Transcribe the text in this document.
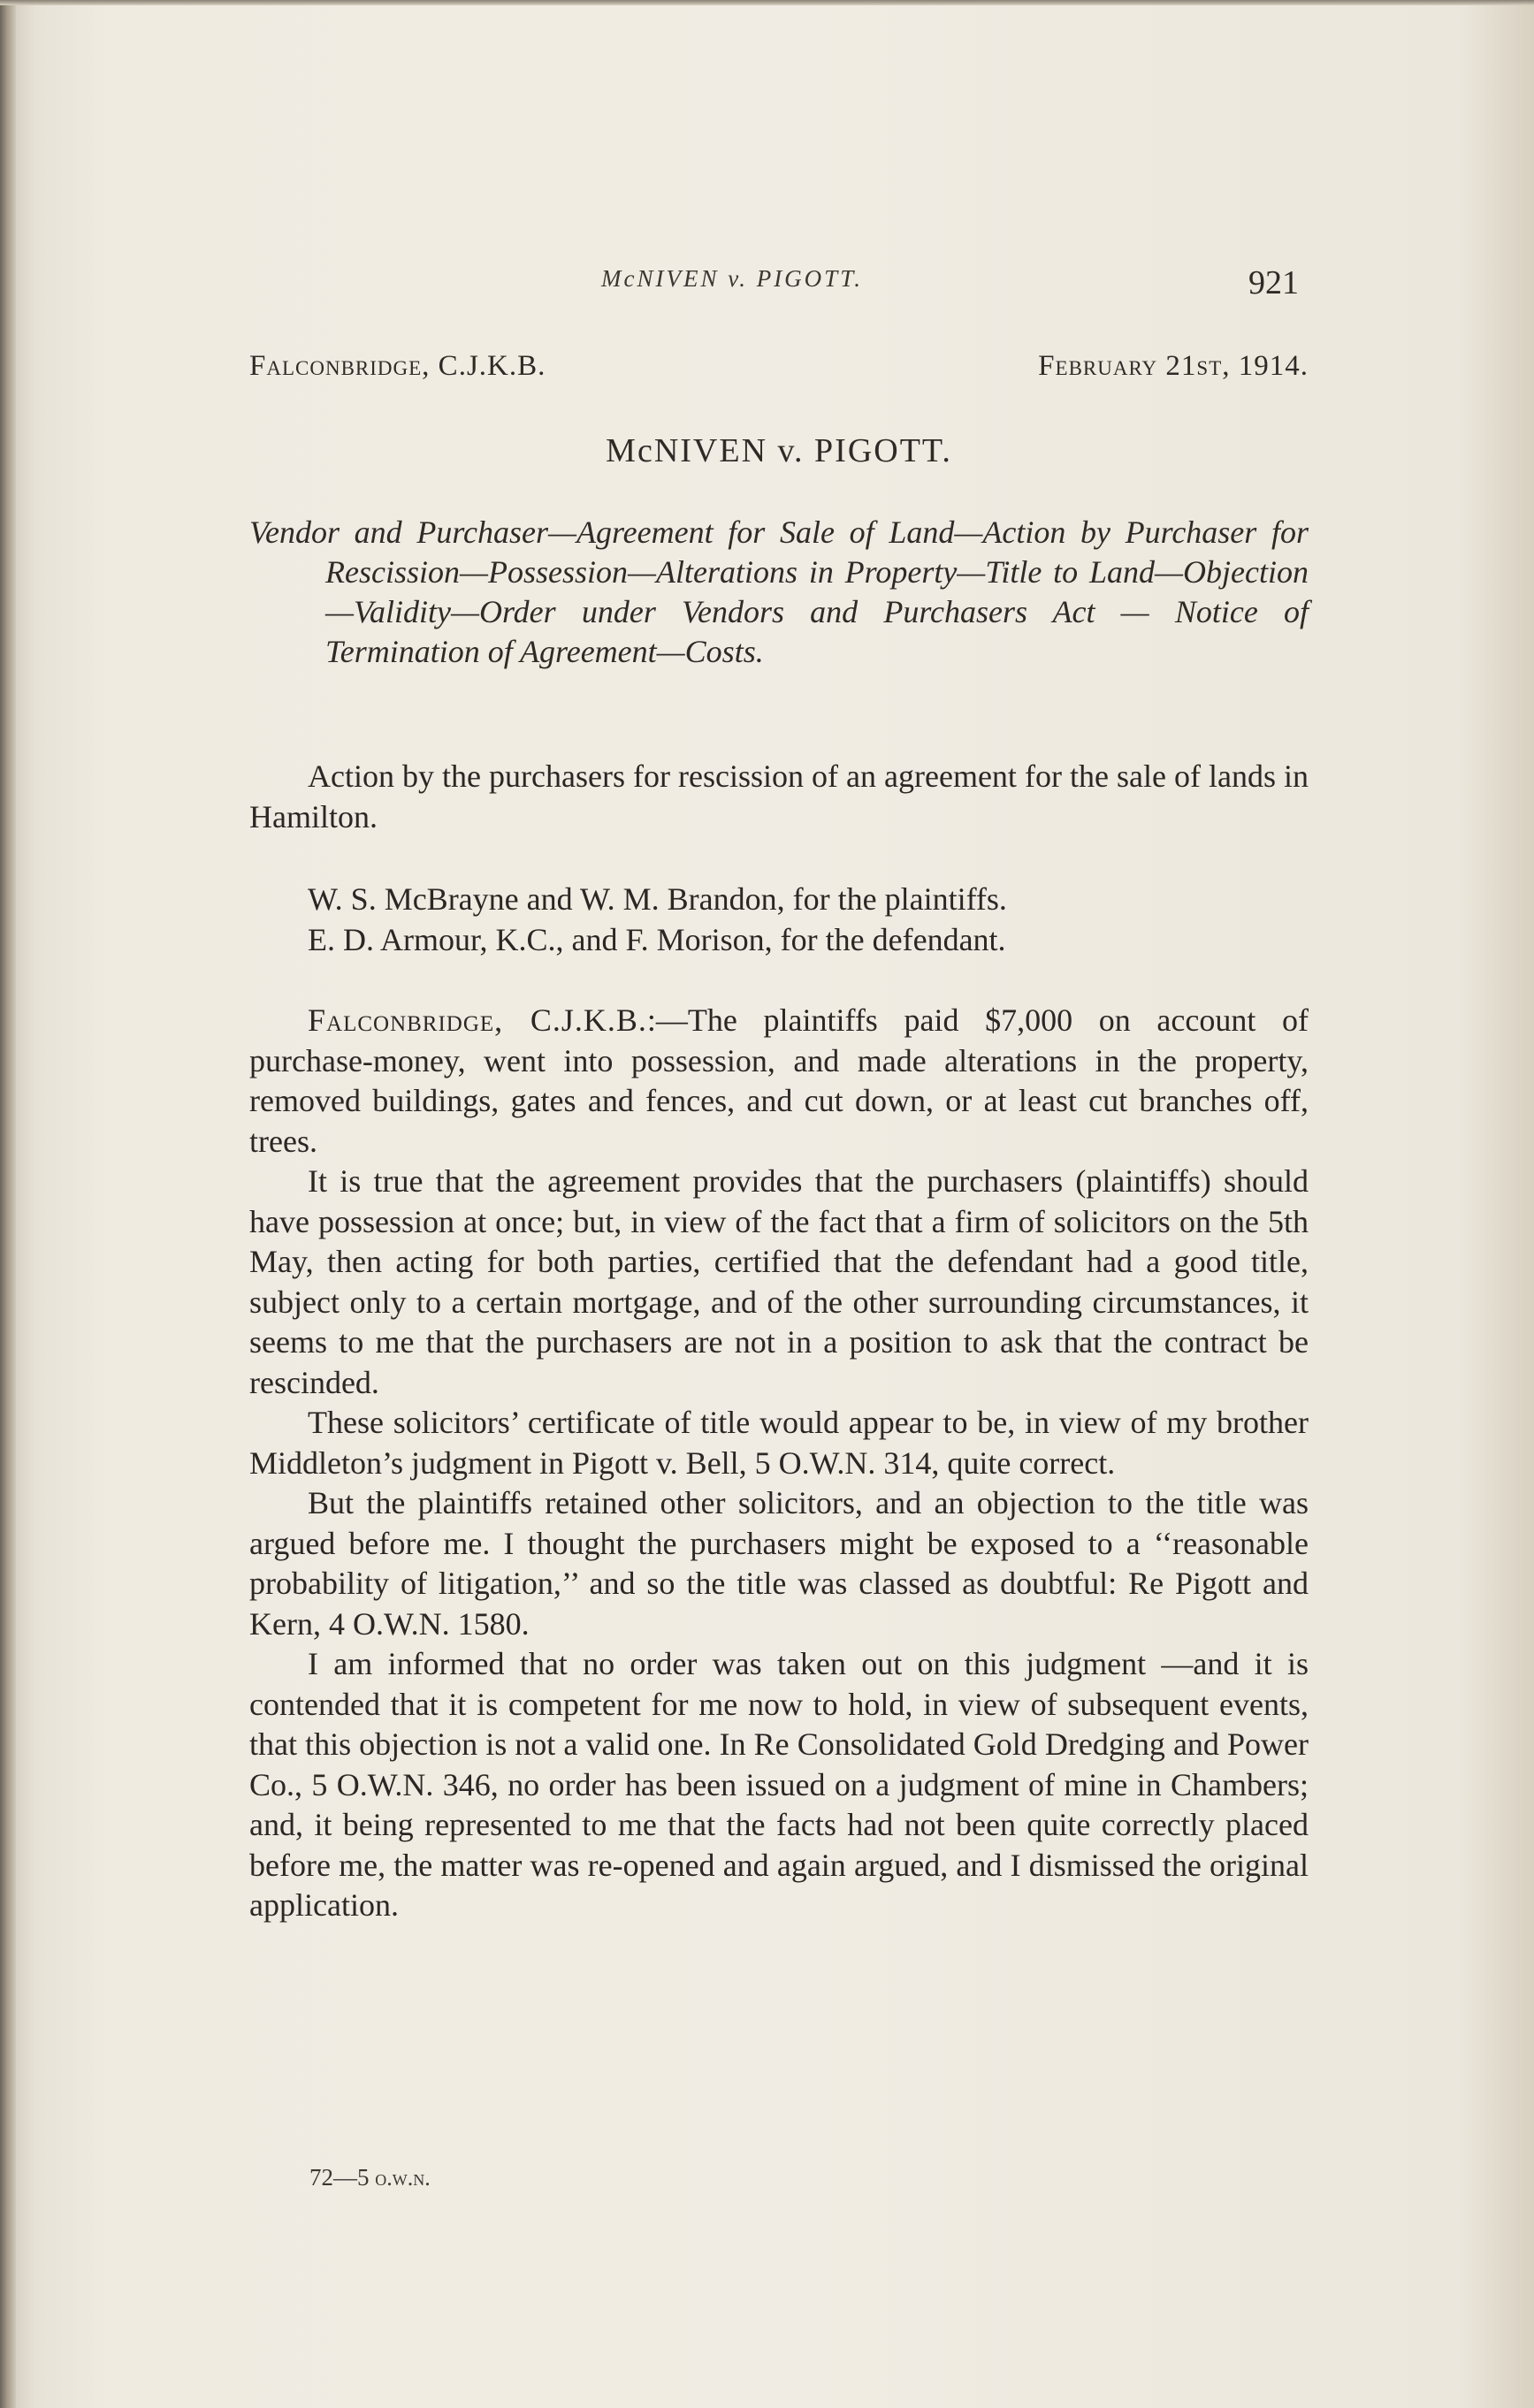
McNIVEN v. PIGOTT.	921
Falconbridge, C.J.K.B.	February 21st, 1914.
McNIVEN v. PIGOTT.
Vendor and Purchaser—Agreement for Sale of Land—Action by Purchaser for Rescission—Possession—Alterations in Property—Title to Land—Objection—Validity—Order under Vendors and Purchasers Act — Notice of Termination of Agreement—Costs.

Action by the purchasers for rescission of an agreement for the sale of lands in Hamilton.

W. S. McBrayne and W. M. Brandon, for the plaintiffs.

E. D. Armour, K.C., and F. Morison, for the defendant.

Falconbridge, C.J.K.B.:—The plaintiffs paid $7,000 on account of purchase-money, went into possession, and made alterations in the property, removed buildings, gates and fences, and cut down, or at least cut branches off, trees.

It is true that the agreement provides that the purchasers (plaintiffs) should have possession at once; but, in view of the fact that a firm of solicitors on the 5th May, then acting for both parties, certified that the defendant had a good title, subject only to a certain mortgage, and of the other surrounding circumstances, it seems to me that the purchasers are not in a position to ask that the contract be rescinded.

These solicitors’ certificate of title would appear to be, in view of my brother Middleton’s judgment in Pigott v. Bell, 5 O.W.N. 314, quite correct.

But the plaintiffs retained other solicitors, and an objection to the title was argued before me. I thought the purchasers might be exposed to a ‘‘reasonable probability of litigation,’’ and so the title was classed as doubtful: Re Pigott and Kern, 4 O.W.N. 1580.

I am informed that no order was taken out on this judgment —and it is contended that it is competent for me now to hold, in view of subsequent events, that this objection is not a valid one. In Re Consolidated Gold Dredging and Power Co., 5 O.W.N. 346, no order has been issued on a judgment of mine in Chambers; and, it being represented to me that the facts had not been quite correctly placed before me, the matter was re-opened and again argued, and I dismissed the original application.

72—5 o.w.n.
